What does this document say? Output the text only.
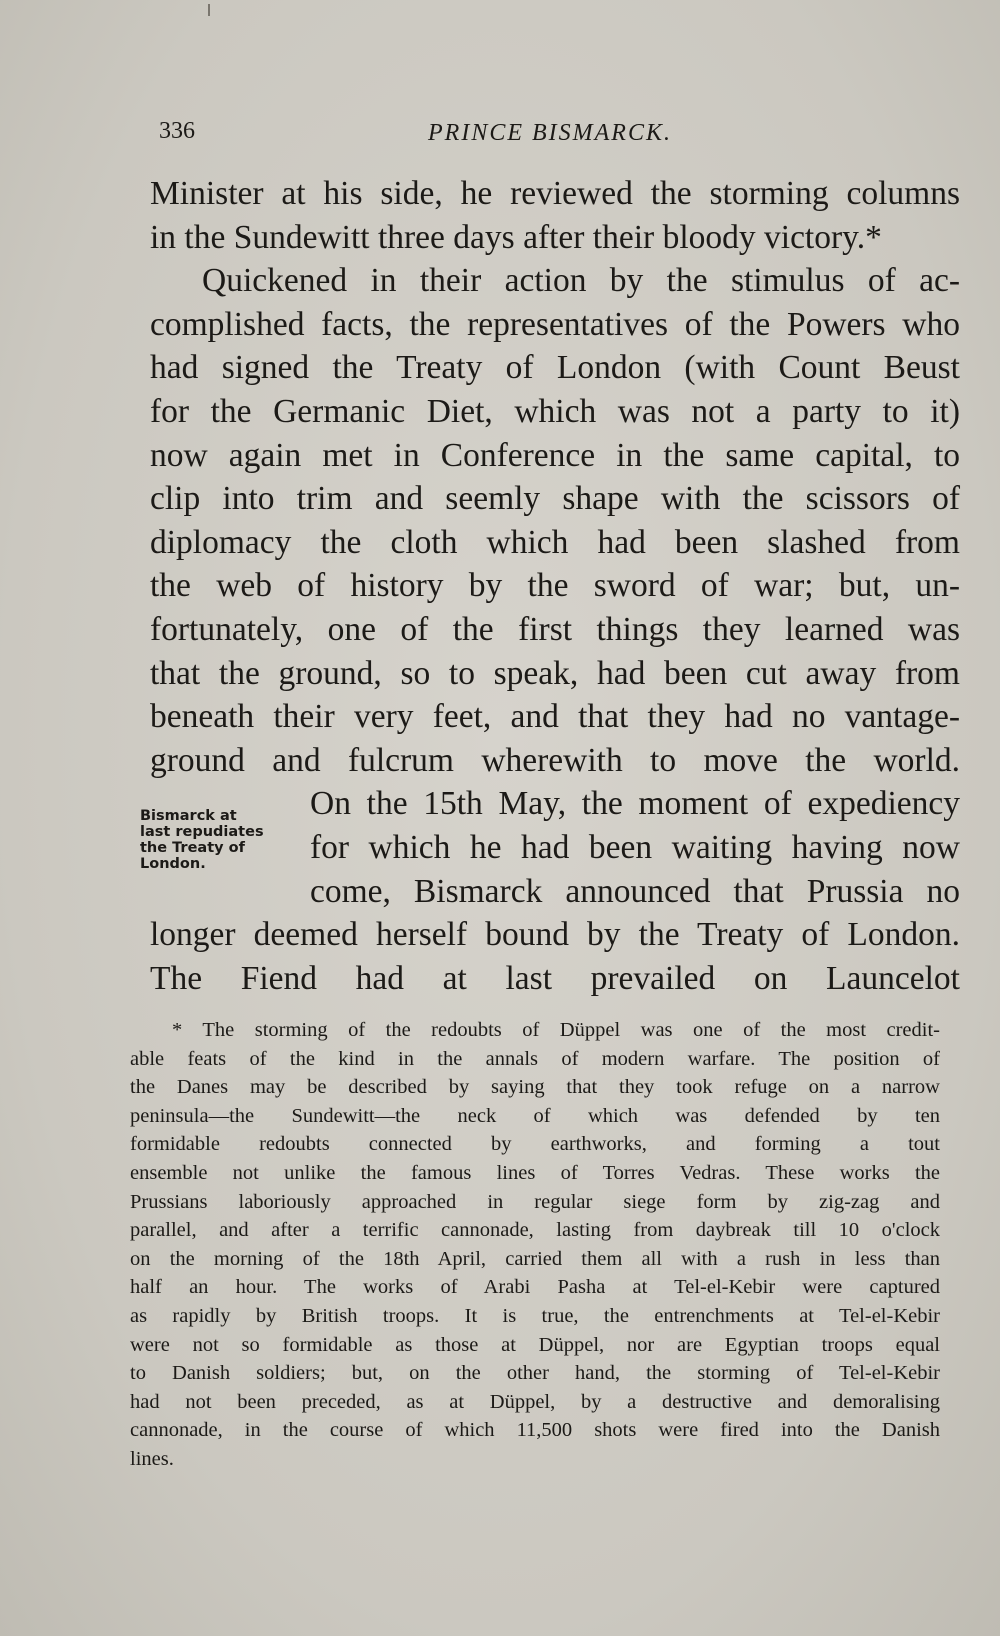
336	PRINCE BISMARCK.
Minister at his side, he reviewed the storming columns
in the Sundewitt three days after their bloody victory.*
Quickened in their action by the stimulus of ac-
complished facts, the representatives of the Powers who
had signed the Treaty of London (with Count Beust
for the Germanic Diet, which was not a party to it)
now again met in Conference in the same capital, to
clip into trim and seemly shape with the scissors of
diplomacy the cloth which had been slashed from
the web of history by the sword of war; but, un-
fortunately, one of the first things they learned was
that the ground, so to speak, had been cut away from
beneath their very feet, and that they had no vantage-
ground and fulcrum wherewith to move the world.
On the 15th May, the moment of expediency
for which he had been waiting having now
come, Bismarck announced that Prussia no
longer deemed herself bound by the Treaty of London.
The Fiend had at last prevailed on Launcelot
Bismarck at
last repudiates
the Treaty of
London.
* The storming of the redoubts of Düppel was one of the most credit-
able feats of the kind in the annals of modern warfare. The position of
the Danes may be described by saying that they took refuge on a narrow
peninsula—the Sundewitt—the neck of which was defended by ten
formidable redoubts connected by earthworks, and forming a tout
ensemble not unlike the famous lines of Torres Vedras. These works the
Prussians laboriously approached in regular siege form by zig-zag and
parallel, and after a terrific cannonade, lasting from daybreak till 10 o'clock
on the morning of the 18th April, carried them all with a rush in less than
half an hour. The works of Arabi Pasha at Tel-el-Kebir were captured
as rapidly by British troops. It is true, the entrenchments at Tel-el-Kebir
were not so formidable as those at Düppel, nor are Egyptian troops equal
to Danish soldiers; but, on the other hand, the storming of Tel-el-Kebir
had not been preceded, as at Düppel, by a destructive and demoralising
cannonade, in the course of which 11,500 shots were fired into the Danish
lines.
